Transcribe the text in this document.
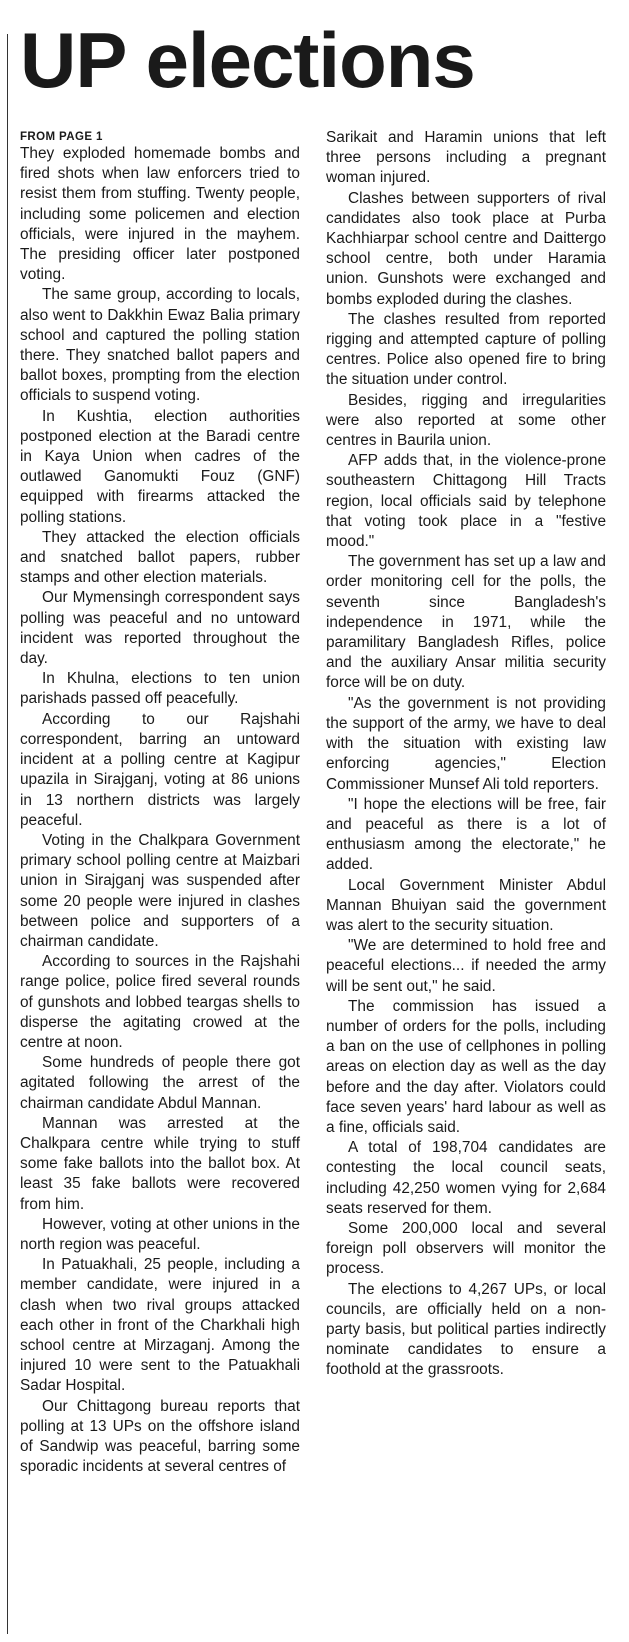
UP elections
FROM PAGE 1

They exploded homemade bombs and fired shots when law enforcers tried to resist them from stuffing. Twenty people, including some policemen and election officials, were injured in the mayhem. The presiding officer later postponed voting.

The same group, according to locals, also went to Dakkhin Ewaz Balia primary school and captured the polling station there. They snatched ballot papers and ballot boxes, prompting from the election officials to suspend voting.

In Kushtia, election authorities postponed election at the Baradi centre in Kaya Union when cadres of the outlawed Ganomukti Fouz (GNF) equipped with firearms attacked the polling stations.

They attacked the election officials and snatched ballot papers, rubber stamps and other election materials.

Our Mymensingh correspondent says polling was peaceful and no untoward incident was reported throughout the day.

In Khulna, elections to ten union parishads passed off peacefully.

According to our Rajshahi correspondent, barring an untoward incident at a polling centre at Kagipur upazila in Sirajganj, voting at 86 unions in 13 northern districts was largely peaceful.

Voting in the Chalkpara Government primary school polling centre at Maizbari union in Sirajganj was suspended after some 20 people were injured in clashes between police and supporters of a chairman candidate.

According to sources in the Rajshahi range police, police fired several rounds of gunshots and lobbed teargas shells to disperse the agitating crowed at the centre at noon.

Some hundreds of people there got agitated following the arrest of the chairman candidate Abdul Mannan.

Mannan was arrested at the Chalkpara centre while trying to stuff some fake ballots into the ballot box. At least 35 fake ballots were recovered from him.

However, voting at other unions in the north region was peaceful.

In Patuakhali, 25 people, including a member candidate, were injured in a clash when two rival groups attacked each other in front of the Charkhali high school centre at Mirzaganj. Among the injured 10 were sent to the Patuakhali Sadar Hospital.

Our Chittagong bureau reports that polling at 13 UPs on the offshore island of Sandwip was peaceful, barring some sporadic incidents at several centres of

Sarikait and Haramin unions that left three persons including a pregnant woman injured.

Clashes between supporters of rival candidates also took place at Purba Kachhiarpar school centre and Daittergo school centre, both under Haramia union. Gunshots were exchanged and bombs exploded during the clashes.

The clashes resulted from reported rigging and attempted capture of polling centres. Police also opened fire to bring the situation under control.

Besides, rigging and irregularities were also reported at some other centres in Baurila union.

AFP adds that, in the violence-prone southeastern Chittagong Hill Tracts region, local officials said by telephone that voting took place in a "festive mood."

The government has set up a law and order monitoring cell for the polls, the seventh since Bangladesh's independence in 1971, while the paramilitary Bangladesh Rifles, police and the auxiliary Ansar militia security force will be on duty.

"As the government is not providing the support of the army, we have to deal with the situation with existing law enforcing agencies," Election Commissioner Munsef Ali told reporters.

"I hope the elections will be free, fair and peaceful as there is a lot of enthusiasm among the electorate," he added.

Local Government Minister Abdul Mannan Bhuiyan said the government was alert to the security situation.

"We are determined to hold free and peaceful elections... if needed the army will be sent out," he said.

The commission has issued a number of orders for the polls, including a ban on the use of cellphones in polling areas on election day as well as the day before and the day after. Violators could face seven years' hard labour as well as a fine, officials said.

A total of 198,704 candidates are contesting the local council seats, including 42,250 women vying for 2,684 seats reserved for them.

Some 200,000 local and several foreign poll observers will monitor the process.

The elections to 4,267 UPs, or local councils, are officially held on a non-party basis, but political parties indirectly nominate candidates to ensure a foothold at the grassroots.
